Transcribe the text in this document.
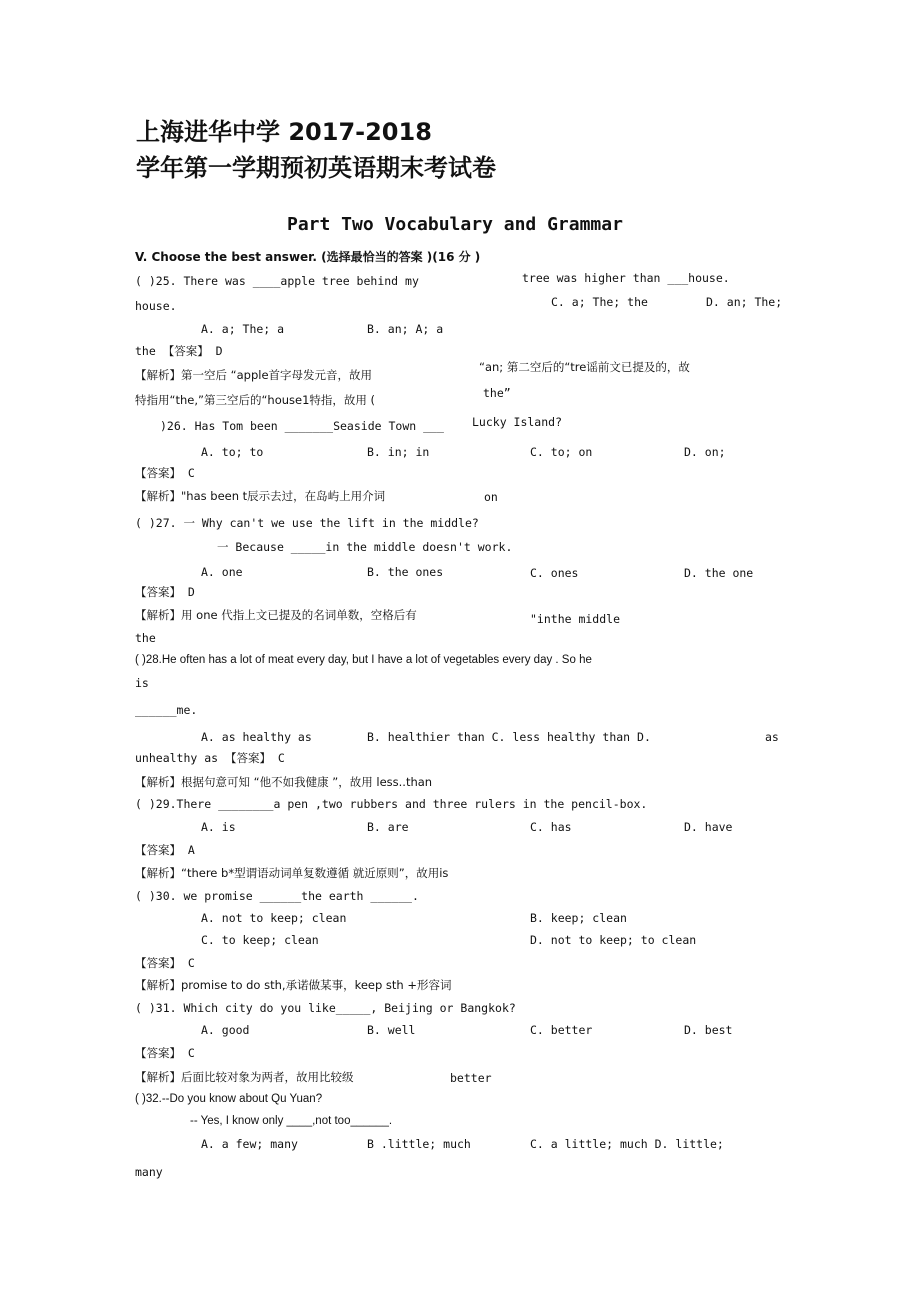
上海进华中学 2017-2018
学年第一学期预初英语期末考试卷
Part Two Vocabulary and Grammar
V. Choose the best answer. (选择最恰当的答案 )(16 分 )
( )25. There was ____apple tree behind my	tree was higher than ___house.
house.	C. a; The; the	D. an; The;
A. a; The; a	B. an; A; a
the 【答案】 D
“an; 第二空后的“tre谣前文已提及的，故
【解析】第一空后 “apple首字母发元音，故用
the”
特指用“the,”第三空后的“house1特指，故用 (
Lucky Island?
)26. Has Tom been _______Seaside Town ___
A. to; to	B. in; in	C. to; on	D. on;
【答案】 C
【解析】"has been t辰示去过，在岛屿上用介词	on
( )27. 一 Why can't we use the lift in the middle?
一 Because _____in the middle doesn't work.
A. one	B. the ones	C. ones	D. the one
【答案】 D
【解析】用 one 代指上文已提及的名词单数，空格后有	"inthe middle
the
( )28.He often has a lot of meat every day, but I have a lot of vegetables every day . So he
is
______me.
A. as healthy as	B. healthier than C. less healthy than D.	as
unhealthy as 【答案】 C
【解析】根据句意可知 “他不如我健康 ”，故用 less..than
( )29.There ________a pen ,two rubbers and three rulers in the pencil-box.
A. is	B. are	C. has	D. have
【答案】 A
【解析】“there b*型谓语动词单复数遵循 就近原则”，故用is
( )30. we promise ______the earth ______.
A. not to keep; clean	B. keep; clean
C. to keep; clean	D. not to keep; to clean
【答案】 C
【解析】promise to do sth,承诺做某事，keep sth +形容词
( )31. Which city do you like_____, Beijing or Bangkok?
A. good	B. well	C. better	D. best
【答案】 C
【解析】后面比较对象为两者，故用比较级	better
( )32.--Do you know about Qu Yuan?
-- Yes, I know only ____,not too______.
A. a few; many	B .little; much	C. a little; much D. little;
many
